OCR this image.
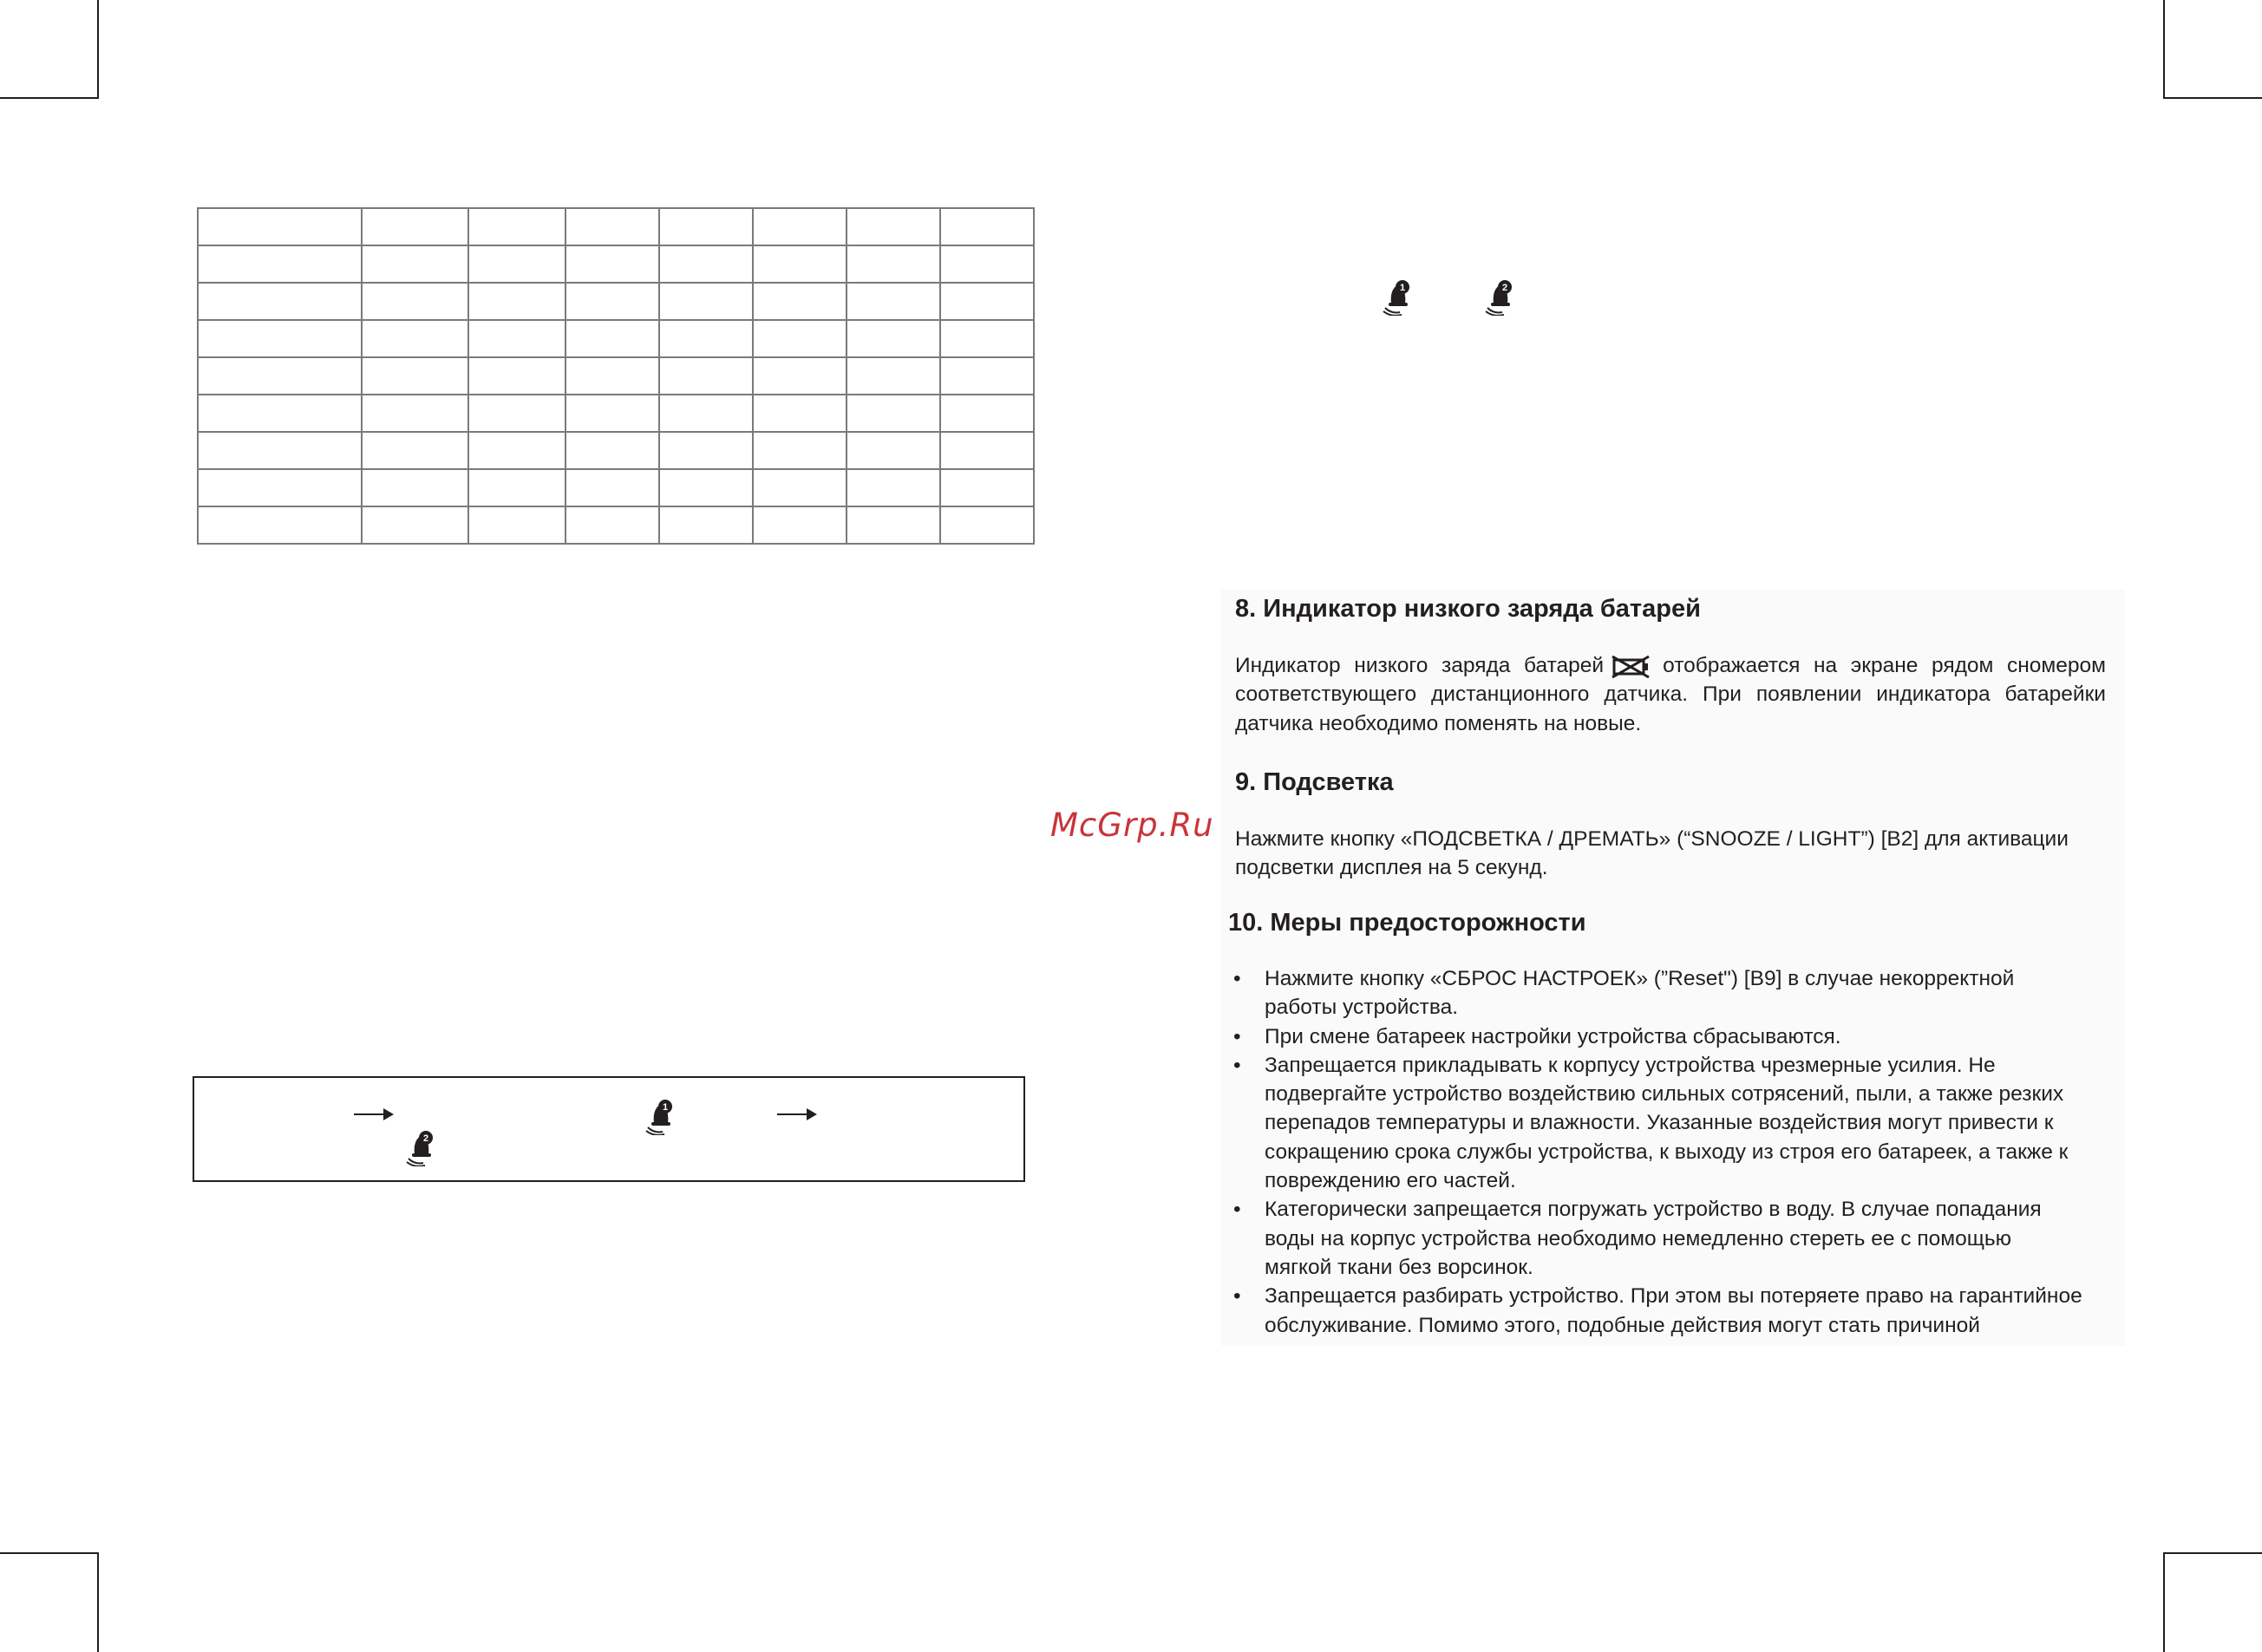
1	2
1
2
8. Индикатор низкого заряда батарей
Индикатор низкого заряда батарей	отображается на экране рядом сномером соответствующего дистанционного датчика. При появлении индикатора батарейки датчика необходимо поменять на новые.
9. Подсветка
Нажмите кнопку «ПОДСВЕТКА / ДРЕМАТЬ» (“SNOOZE / LIGHT”) [B2] для активации подсветки дисплея на 5 секунд.
10. Меры предосторожности
• Нажмите кнопку «СБРОС НАСТРОЕК» (”Reset") [B9] в случае некорректной работы устройства.
• При смене батареек настройки устройства сбрасываются.
• Запрещается прикладывать к корпусу устройства чрезмерные усилия. Не подвергайте устройство воздействию сильных сотрясений, пыли, а также резких перепадов температуры и влажности. Указанные воздействия могут привести к сокращению срока службы устройства, к выходу из строя его батареек, а также к повреждению его частей.
• Категорически запрещается погружать устройство в воду. В случае попадания воды на корпус устройства необходимо немедленно стереть ее с помощью мягкой ткани без ворсинок.
• Запрещается разбирать устройство. При этом вы потеряете право на гарантийное обслуживание. Помимо этого, подобные действия могут стать причиной
McGrp.Ru
